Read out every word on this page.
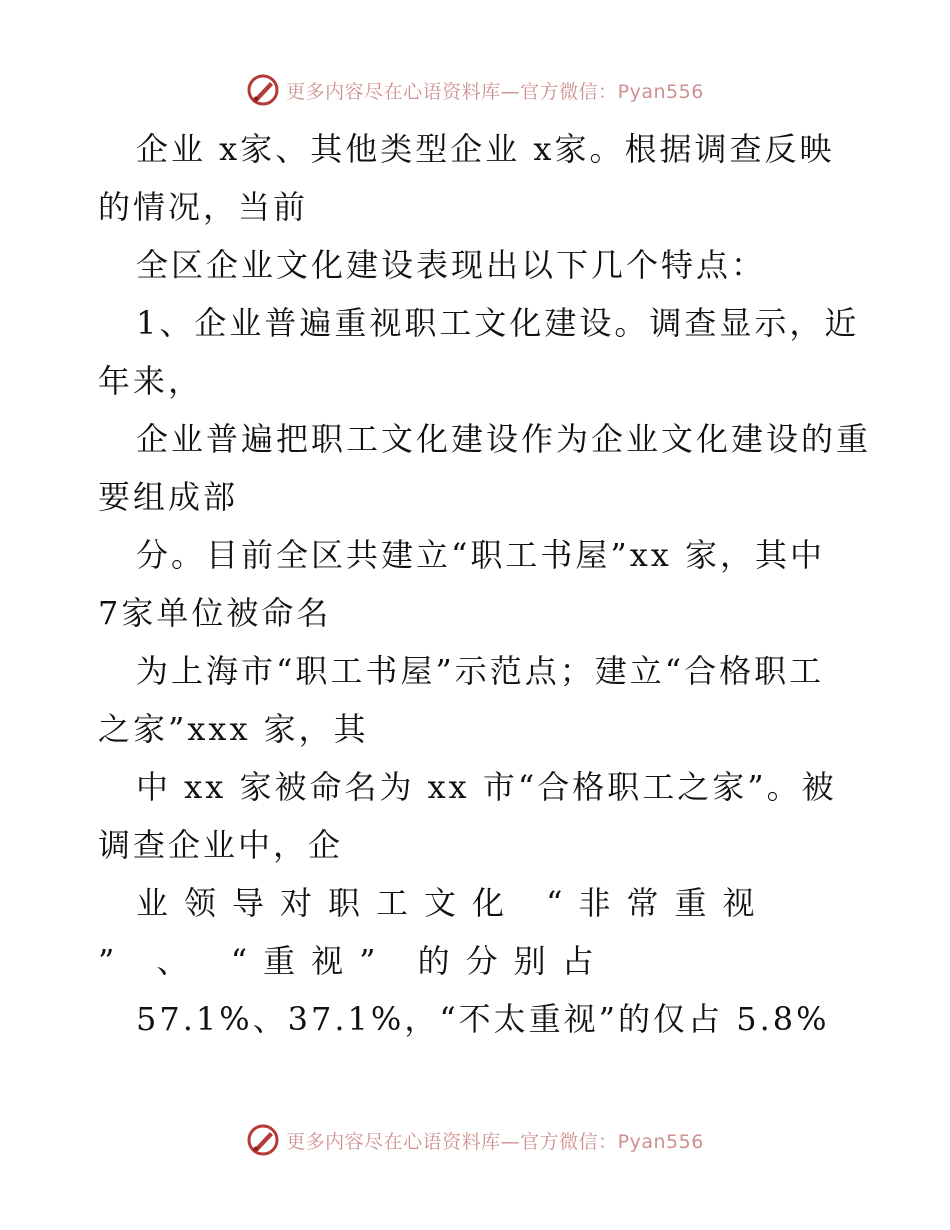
更多内容尽在心语资料库—官方微信：Pyan556
企业 x家、其他类型企业 x家。根据调查反映
的情况，当前
全区企业文化建设表现出以下几个特点：
1、企业普遍重视职工文化建设。调查显示，近
年来，
企业普遍把职工文化建设作为企业文化建设的重
要组成部
分。目前全区共建立“职工书屋”xx 家，其中
7家单位被命名
为上海市“职工书屋”示范点；建立“合格职工
之家”xxx 家，其
中 xx 家被命名为 xx 市“合格职工之家”。被
调查企业中，企
业领导对职工文化 “非常重视
” 、 “重视” 的分别占
57.1%、37.1%，“不太重视”的仅占 5.8%
更多内容尽在心语资料库—官方微信：Pyan556
